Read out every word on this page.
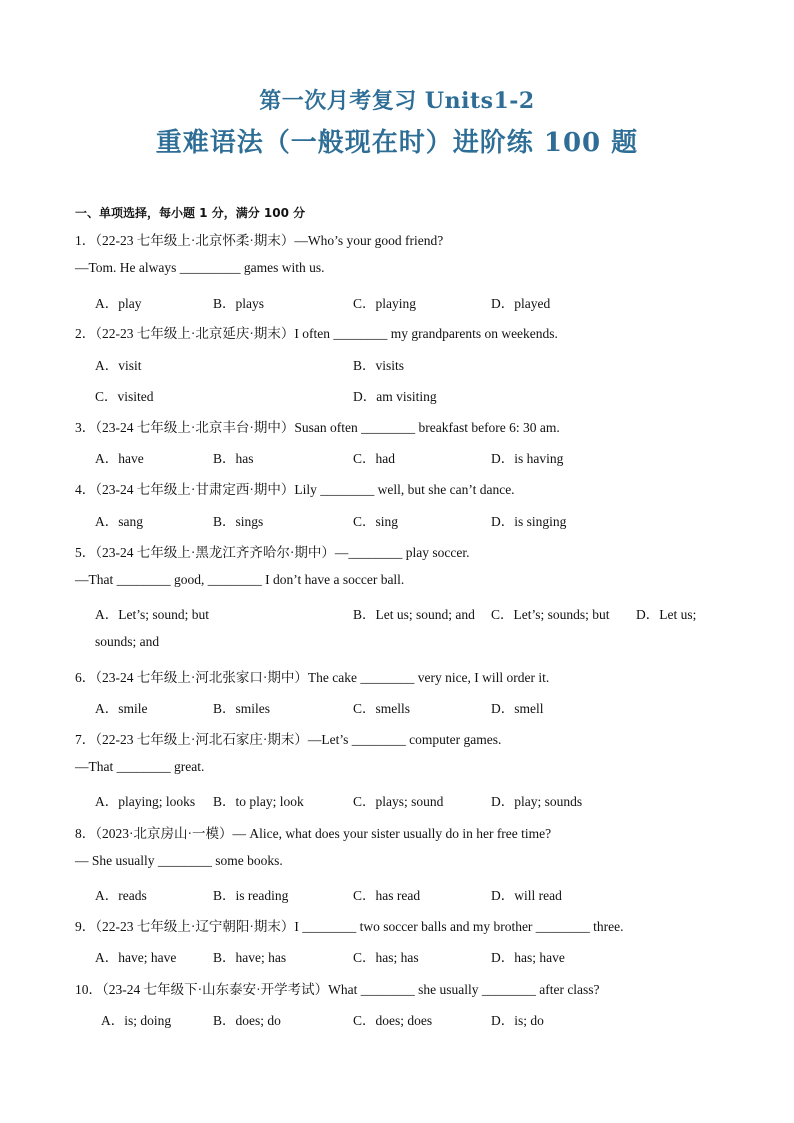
第一次月考复习 Units1-2
重难语法（一般现在时）进阶练 100 题
一、单项选择，每小题 1 分，满分 100 分
1．（22-23 七年级上·北京怀柔·期末）—Who’s your good friend?
—Tom. He always _________ games with us.
A．play	B．plays	C．playing	D．played
2．（22-23 七年级上·北京延庆·期末）I often ________ my grandparents on weekends.
A．visit	B．visits
C．visited	D．am visiting
3．（23-24 七年级上·北京丰台·期中）Susan often ________ breakfast before 6: 30 am.
A．have	B．has	C．had	D．is having
4．（23-24 七年级上·甘肃定西·期中）Lily ________ well, but she can’t dance.
A．sang	B．sings	C．sing	D．is singing
5．（23-24 七年级上·黑龙江齐齐哈尔·期中）—________ play soccer.
—That ________ good, ________ I don’t have a soccer ball.
A．Let’s; sound; but	B．Let us; sound; and C．Let’s; sounds; but D．Let us;
sounds; and
6．（23-24 七年级上·河北张家口·期中）The cake ________ very nice, I will order it.
A．smile	B．smiles	C．smells	D．smell
7．（22-23 七年级上·河北石家庄·期末）—Let’s ________ computer games.
—That ________ great.
A．playing; looks B．to play; look	C．plays; sound	D．play; sounds
8．（2023·北京房山·一模）— Alice, what does your sister usually do in her free time?
— She usually ________ some books.
A．reads	B．is reading	C．has read	D．will read
9．（22-23 七年级上·辽宁朝阳·期末）I ________ two soccer balls and my brother ________ three.
A．have; have	B．have; has	C．has; has	D．has; have
10．（23-24 七年级下·山东泰安·开学考试）What ________ she usually ________ after class?
A．is; doing	B．does; do	C．does; does	D．is; do
